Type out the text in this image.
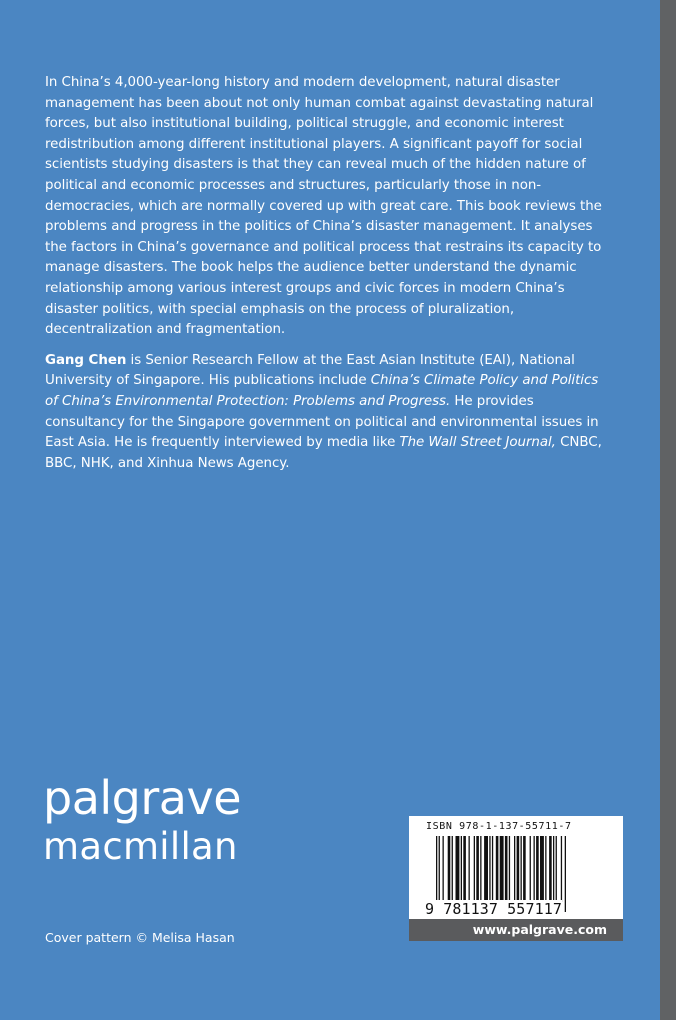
In China’s 4,000-year-long history and modern development, natural disaster management has been about not only human combat against devastating natural forces, but also institutional building, political struggle, and economic interest redistribution among different institutional players. A significant payoff for social scientists studying disasters is that they can reveal much of the hidden nature of political and economic processes and structures, particularly those in non-democracies, which are normally covered up with great care. This book reviews the problems and progress in the politics of China’s disaster management. It analyses the factors in China’s governance and political process that restrains its capacity to manage disasters. The book helps the audience better understand the dynamic relationship among various interest groups and civic forces in modern China’s disaster politics, with special emphasis on the process of pluralization, decentralization and fragmentation.

Gang Chen is Senior Research Fellow at the East Asian Institute (EAI), National University of Singapore. His publications include China’s Climate Policy and Politics of China’s Environmental Protection: Problems and Progress. He provides consultancy for the Singapore government on political and environmental issues in East Asia. He is frequently interviewed by media like The Wall Street Journal, CNBC, BBC, NHK, and Xinhua News Agency.

palgrave
macmillan
Cover pattern © Melisa Hasan
ISBN 978-1-137-55711-7
9 781137 557117
www.palgrave.com
